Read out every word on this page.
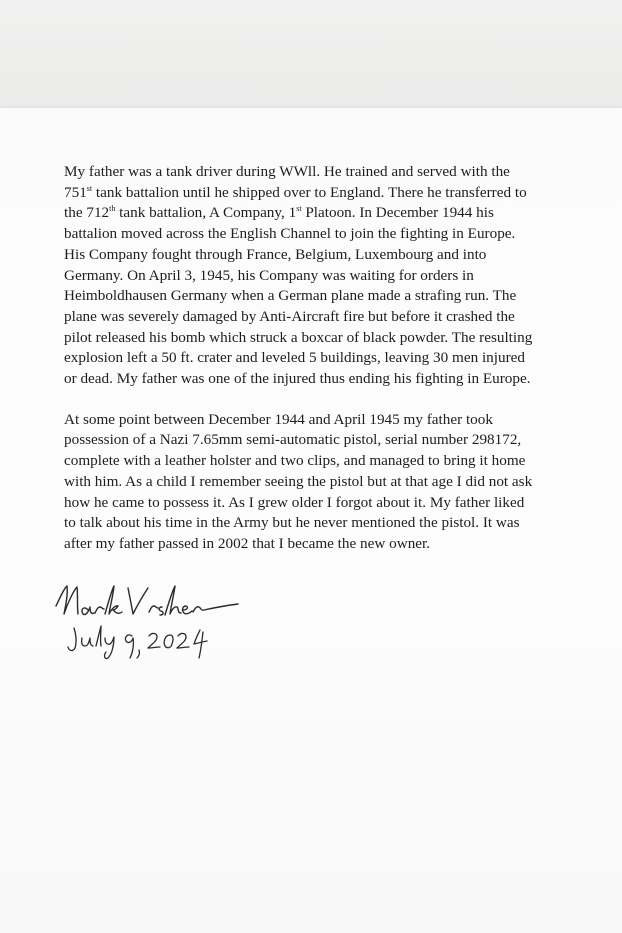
My father was a tank driver during WWll. He trained and served with the
751st tank battalion until he shipped over to England. There he transferred to
the 712th tank battalion, A Company, 1st Platoon. In December 1944 his
battalion moved across the English Channel to join the fighting in Europe.
His Company fought through France, Belgium, Luxembourg and into
Germany. On April 3, 1945, his Company was waiting for orders in
Heimboldhausen Germany when a German plane made a strafing run. The
plane was severely damaged by Anti-Aircraft fire but before it crashed the
pilot released his bomb which struck a boxcar of black powder. The resulting
explosion left a 50 ft. crater and leveled 5 buildings, leaving 30 men injured
or dead. My father was one of the injured thus ending his fighting in Europe.

At some point between December 1944 and April 1945 my father took
possession of a Nazi 7.65mm semi-automatic pistol, serial number 298172,
complete with a leather holster and two clips, and managed to bring it home
with him. As a child I remember seeing the pistol but at that age I did not ask
how he came to possess it. As I grew older I forgot about it. My father liked
to talk about his time in the Army but he never mentioned the pistol. It was
after my father passed in 2002 that I became the new owner.
